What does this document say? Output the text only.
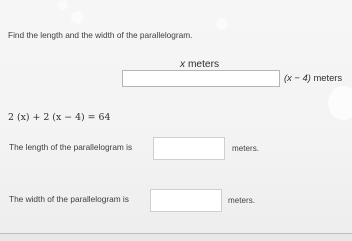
Find the length and the width of the parallelogram.
x meters
(x − 4) meters
2 (x) + 2 (x − 4) = 64
The length of the parallelogram is	meters.
The width of the parallelogram is	meters.
